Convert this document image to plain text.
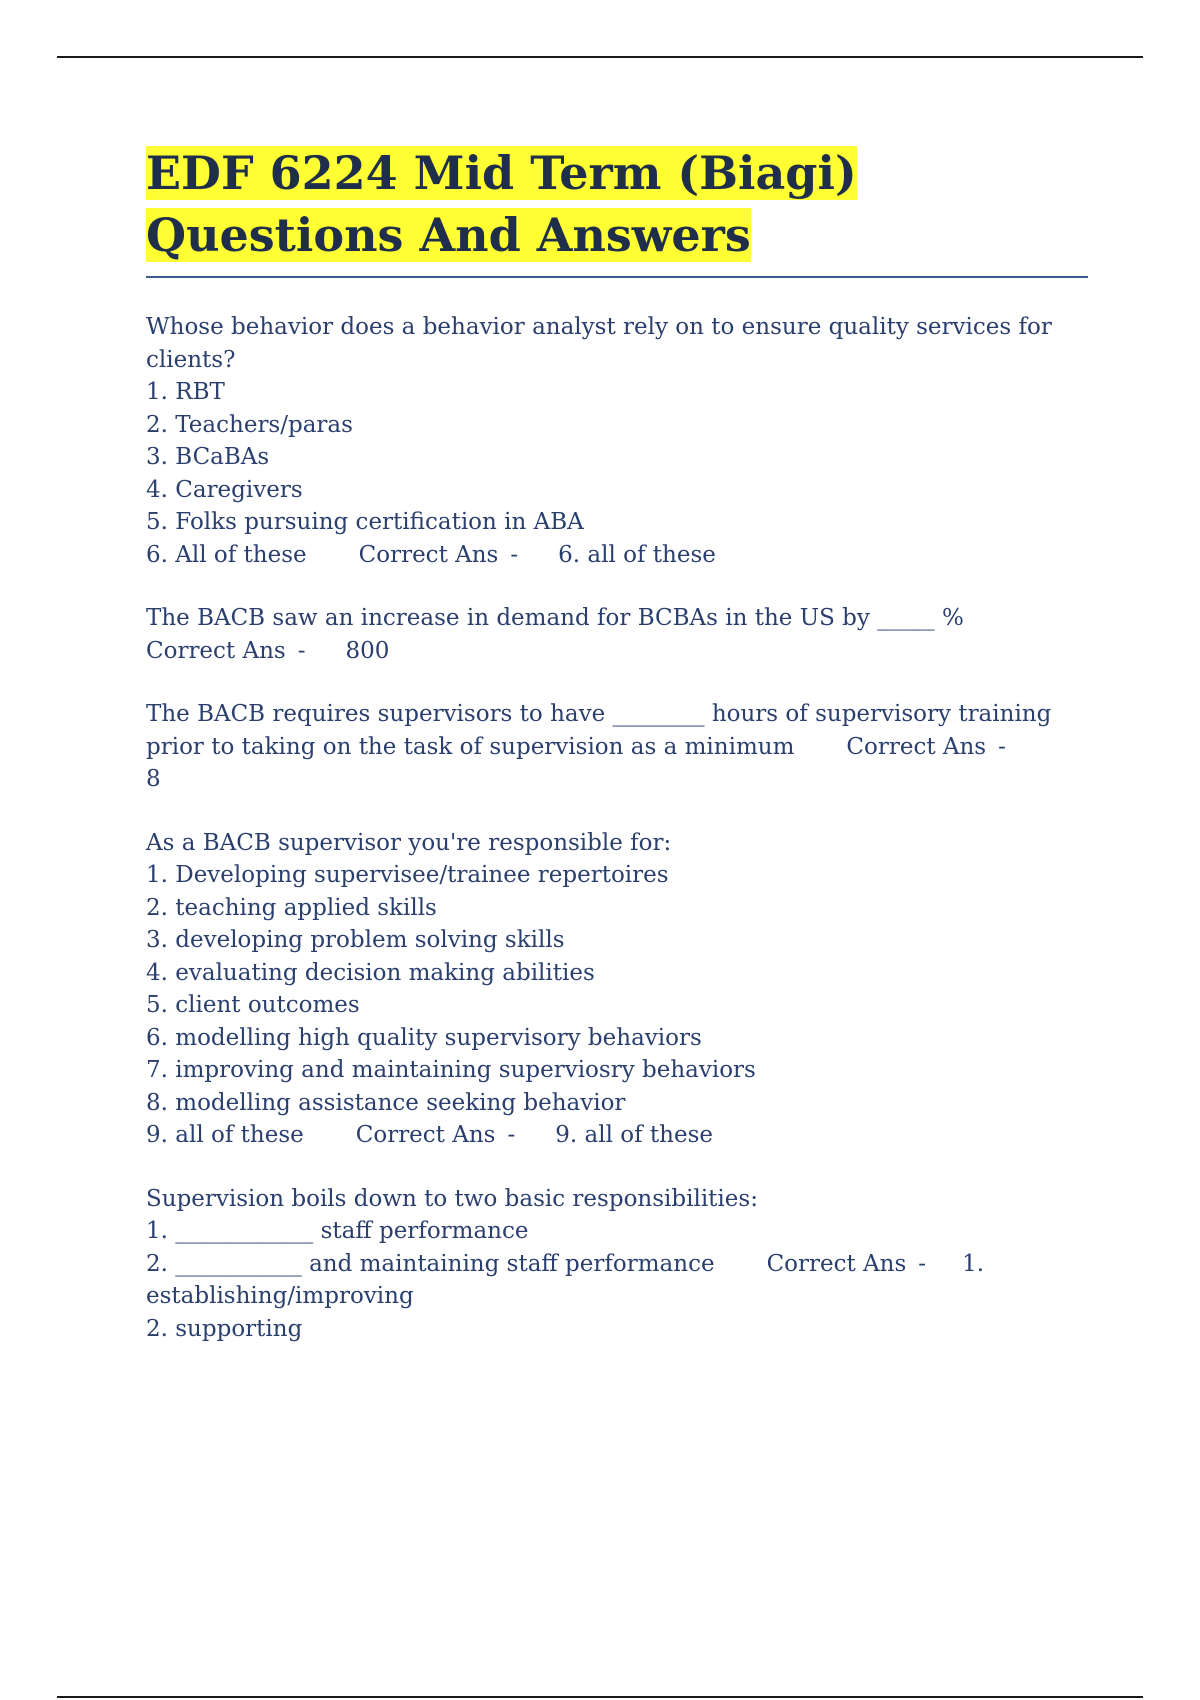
EDF 6224 Mid Term (Biagi) Questions And Answers
Whose behavior does a behavior analyst rely on to ensure quality services for clients?
1. RBT
2. Teachers/paras
3. BCaBAs
4. Caregivers
5. Folks pursuing certification in ABA
6. All of these Correct Ans - 6. all of these
The BACB saw an increase in demand for BCBAs in the US by _____ %
Correct Ans - 800
The BACB requires supervisors to have ________ hours of supervisory training prior to taking on the task of supervision as a minimum Correct Ans -
8
As a BACB supervisor you're responsible for:
1. Developing supervisee/trainee repertoires
2. teaching applied skills
3. developing problem solving skills
4. evaluating decision making abilities
5. client outcomes
6. modelling high quality supervisory behaviors
7. improving and maintaining superviosry behaviors
8. modelling assistance seeking behavior
9. all of these Correct Ans - 9. all of these
Supervision boils down to two basic responsibilities:
1. ____________ staff performance
2. ___________ and maintaining staff performance Correct Ans - 1.
establishing/improving
2. supporting
